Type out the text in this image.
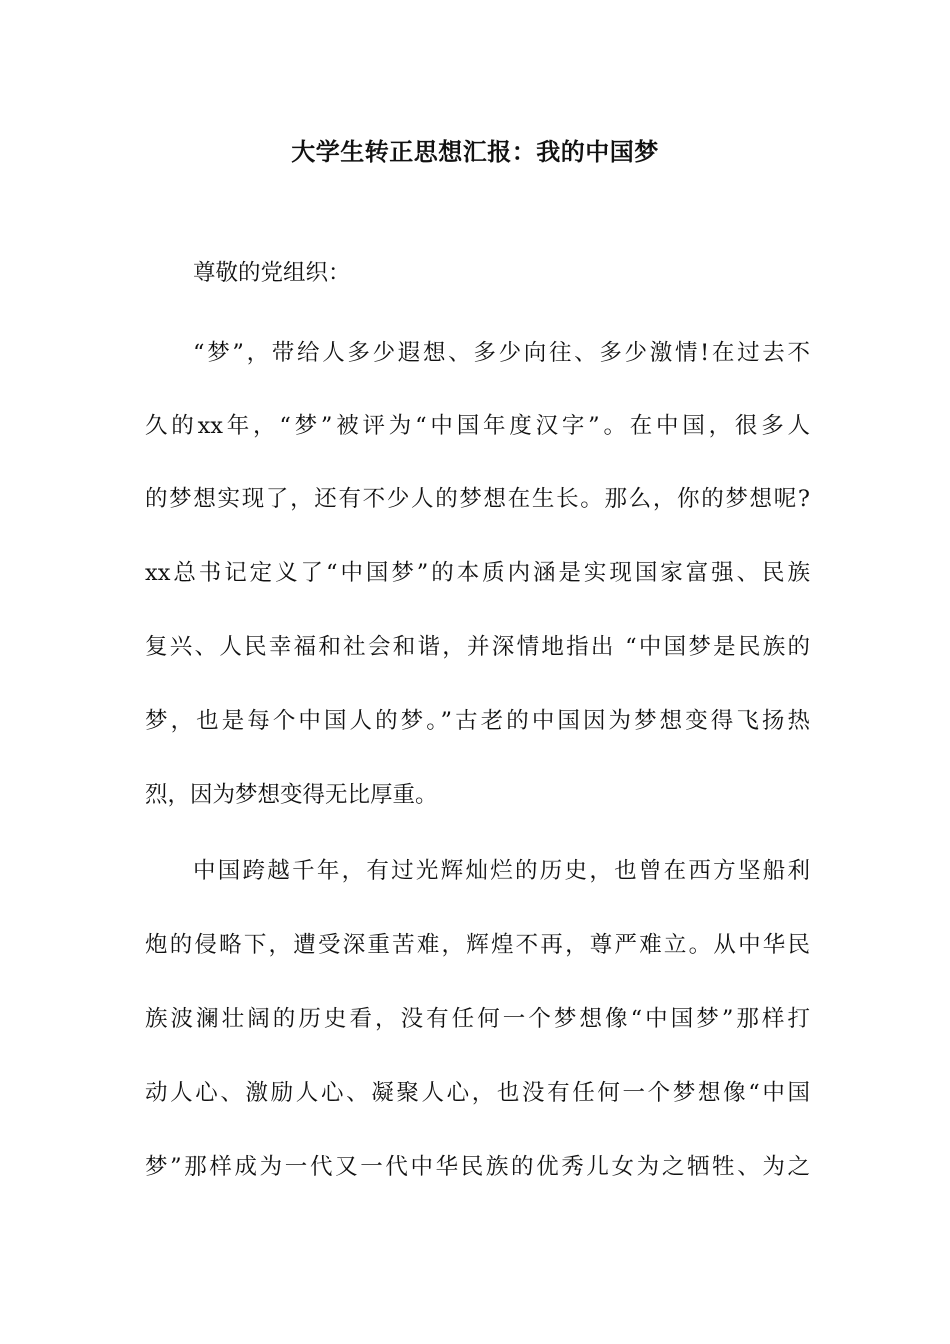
大学生转正思想汇报：我的中国梦
尊敬的党组织：
“梦”，带给人多少遐想、多少向往、多少激情!在过去不
久的xx年，“梦”被评为“中国年度汉字”。在中国，很多人
的梦想实现了，还有不少人的梦想在生长。那么，你的梦想呢?
xx总书记定义了“中国梦”的本质内涵是实现国家富强、民族
复兴、人民幸福和社会和谐，并深情地指出 “中国梦是民族的
梦，也是每个中国人的梦。”古老的中国因为梦想变得飞扬热
烈，因为梦想变得无比厚重。
中国跨越千年，有过光辉灿烂的历史，也曾在西方坚船利
炮的侵略下，遭受深重苦难，辉煌不再，尊严难立。从中华民
族波澜壮阔的历史看，没有任何一个梦想像“中国梦”那样打
动人心、激励人心、凝聚人心，也没有任何一个梦想像“中国
梦”那样成为一代又一代中华民族的优秀儿女为之牺牲、为之
